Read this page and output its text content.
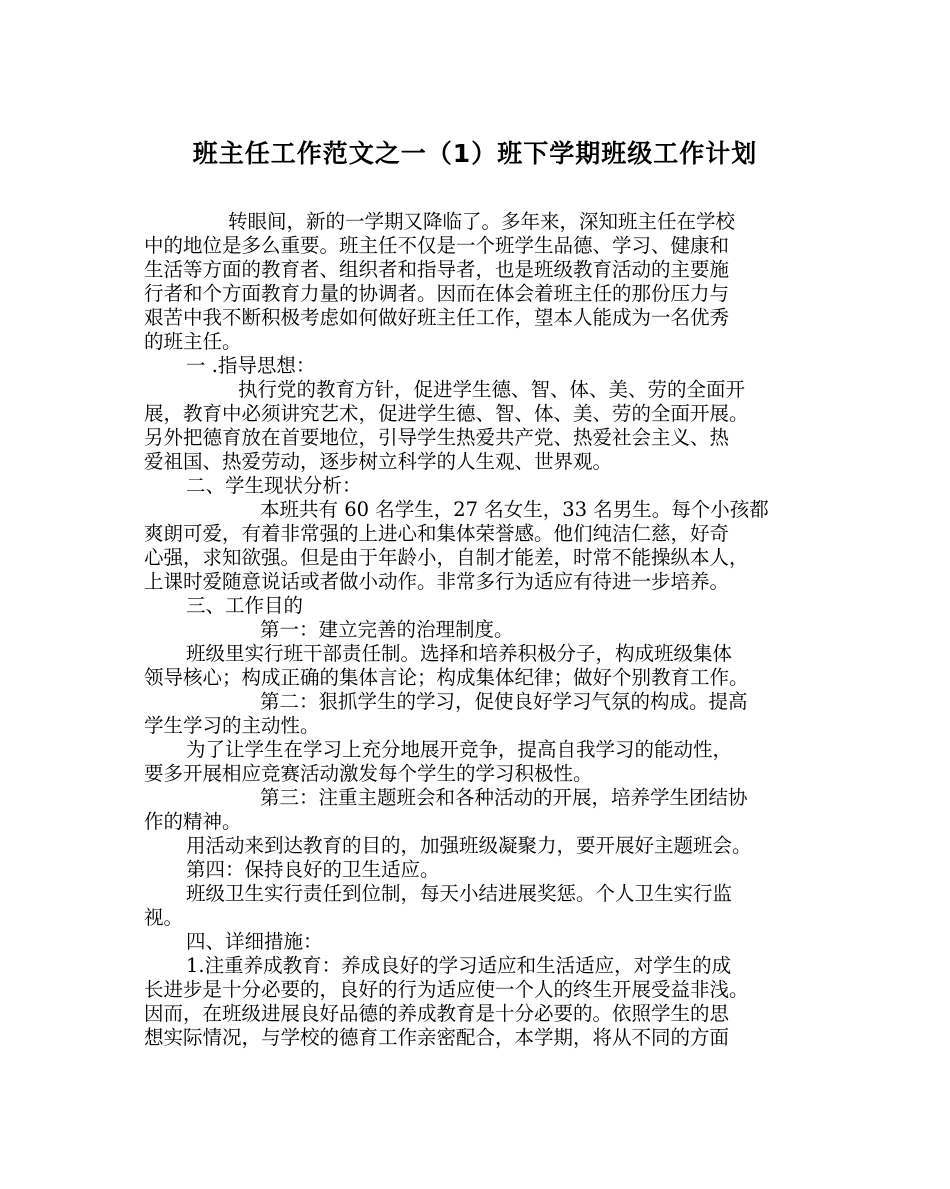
班主任工作范文之一（1）班下学期班级工作计划
转眼间，新的一学期又降临了。多年来，深知班主任在学校
中的地位是多么重要。班主任不仅是一个班学生品德、学习、健康和
生活等方面的教育者、组织者和指导者，也是班级教育活动的主要施
行者和个方面教育力量的协调者。因而在体会着班主任的那份压力与
艰苦中我不断积极考虑如何做好班主任工作，望本人能成为一名优秀
的班主任。
一 .指导思想：
执行党的教育方针，促进学生德、智、体、美、劳的全面开
展，教育中必须讲究艺术，促进学生德、智、体、美、劳的全面开展。
另外把德育放在首要地位，引导学生热爱共产党、热爱社会主义、热
爱祖国、热爱劳动，逐步树立科学的人生观、世界观。
二、学生现状分析：
本班共有 60 名学生，27 名女生，33 名男生。每个小孩都
爽朗可爱，有着非常强的上进心和集体荣誉感。他们纯洁仁慈，好奇
心强，求知欲强。但是由于年龄小，自制才能差，时常不能操纵本人，
上课时爱随意说话或者做小动作。非常多行为适应有待进一步培养。
三、工作目的
第一：建立完善的治理制度。
班级里实行班干部责任制。选择和培养积极分子，构成班级集体
领导核心；构成正确的集体言论；构成集体纪律；做好个别教育工作。
第二：狠抓学生的学习，促使良好学习气氛的构成。提高
学生学习的主动性。
为了让学生在学习上充分地展开竞争，提高自我学习的能动性，
要多开展相应竞赛活动激发每个学生的学习积极性。
第三：注重主题班会和各种活动的开展，培养学生团结协
作的精神。
用活动来到达教育的目的，加强班级凝聚力，要开展好主题班会。
第四：保持良好的卫生适应。
班级卫生实行责任到位制，每天小结进展奖惩。个人卫生实行监
视。
四、详细措施：
1.注重养成教育：养成良好的学习适应和生活适应，对学生的成
长进步是十分必要的，良好的行为适应使一个人的终生开展受益非浅。
因而，在班级进展良好品德的养成教育是十分必要的。依照学生的思
想实际情况，与学校的德育工作亲密配合，本学期，将从不同的方面
